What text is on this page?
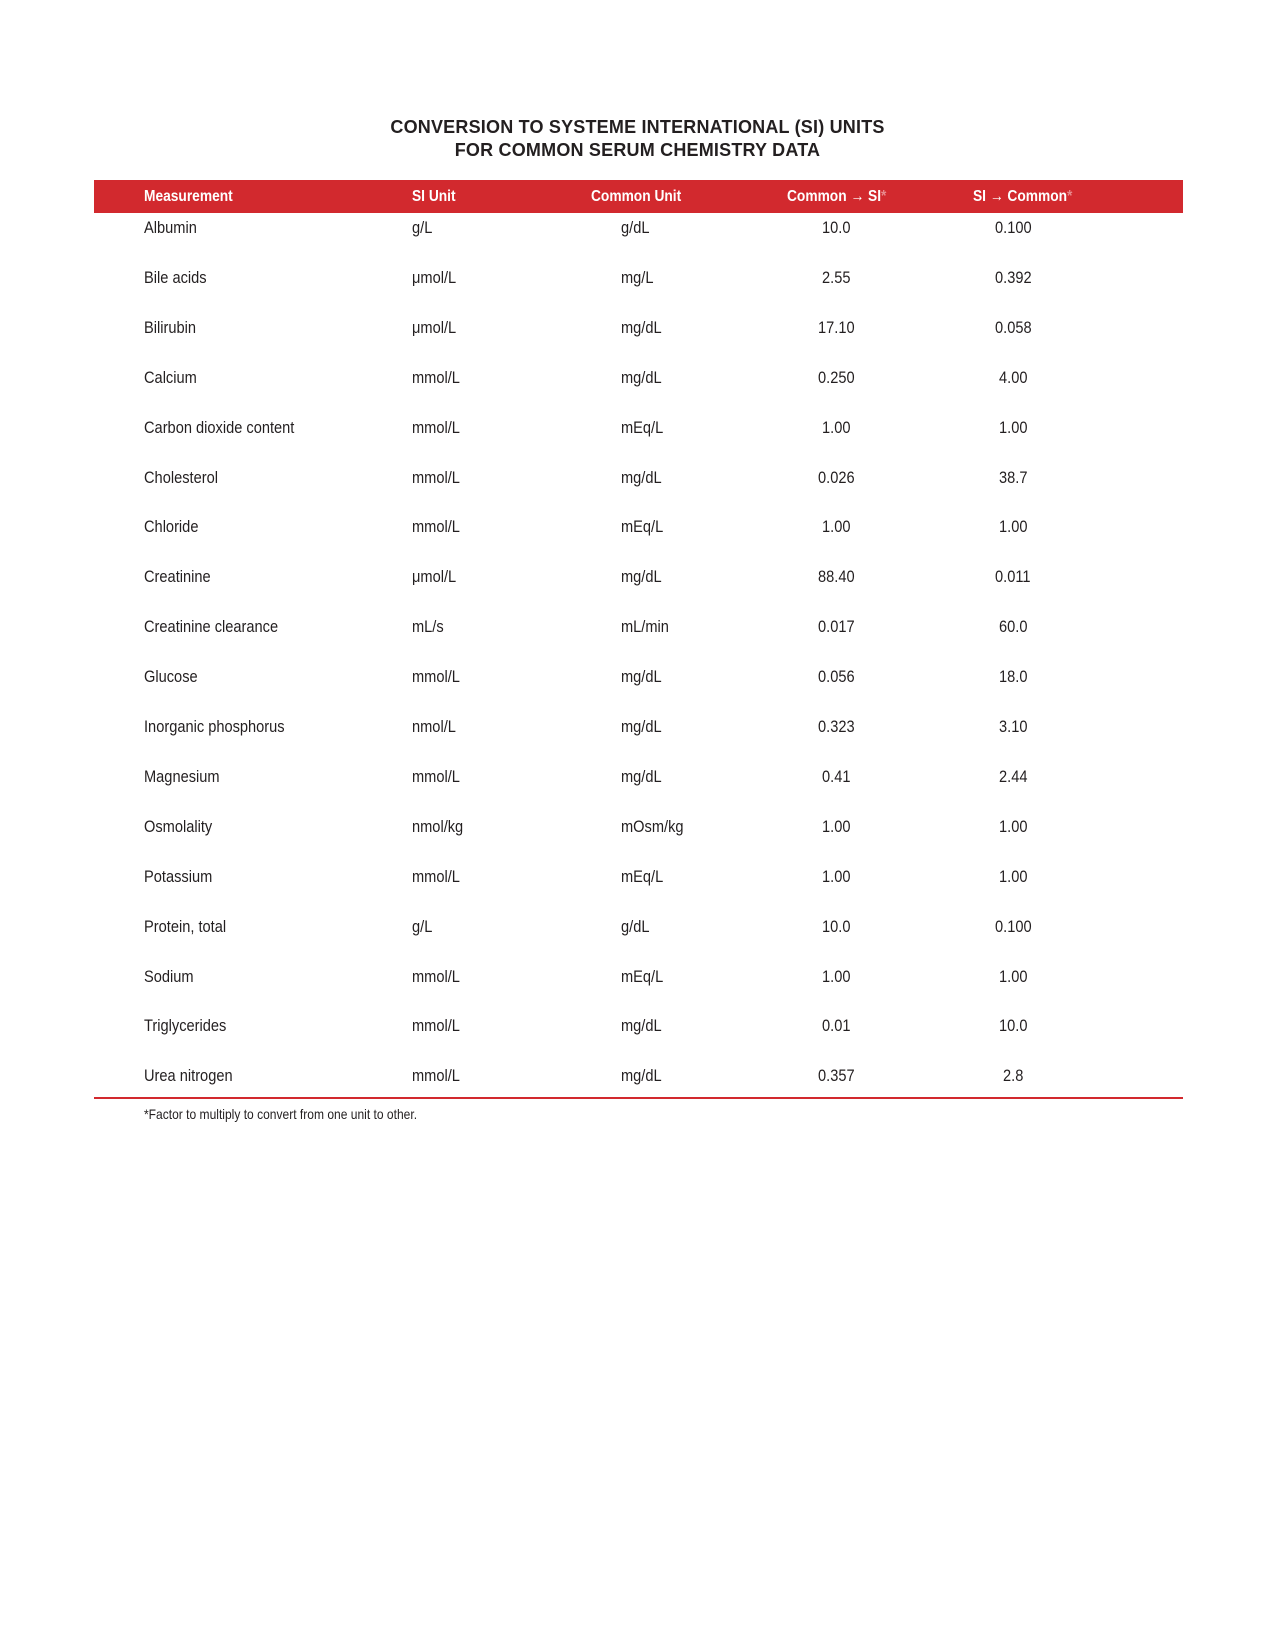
CONVERSION TO SYSTEME INTERNATIONAL (SI) UNITS
FOR COMMON SERUM CHEMISTRY DATA
Measurement	SI Unit	Common Unit	Common → SI*	SI → Common*
Albumin	g/L	g/dL	10.0	0.100
Bile acids	μmol/L	mg/L	2.55	0.392
Bilirubin	μmol/L	mg/dL	17.10	0.058
Calcium	mmol/L	mg/dL	0.250	4.00
Carbon dioxide content	mmol/L	mEq/L	1.00	1.00
Cholesterol	mmol/L	mg/dL	0.026	38.7
Chloride	mmol/L	mEq/L	1.00	1.00
Creatinine	μmol/L	mg/dL	88.40	0.011
Creatinine clearance	mL/s	mL/min	0.017	60.0
Glucose	mmol/L	mg/dL	0.056	18.0
Inorganic phosphorus	nmol/L	mg/dL	0.323	3.10
Magnesium	mmol/L	mg/dL	0.41	2.44
Osmolality	nmol/kg	mOsm/kg	1.00	1.00
Potassium	mmol/L	mEq/L	1.00	1.00
Protein, total	g/L	g/dL	10.0	0.100
Sodium	mmol/L	mEq/L	1.00	1.00
Triglycerides	mmol/L	mg/dL	0.01	10.0
Urea nitrogen	mmol/L	mg/dL	0.357	2.8
*Factor to multiply to convert from one unit to other.
